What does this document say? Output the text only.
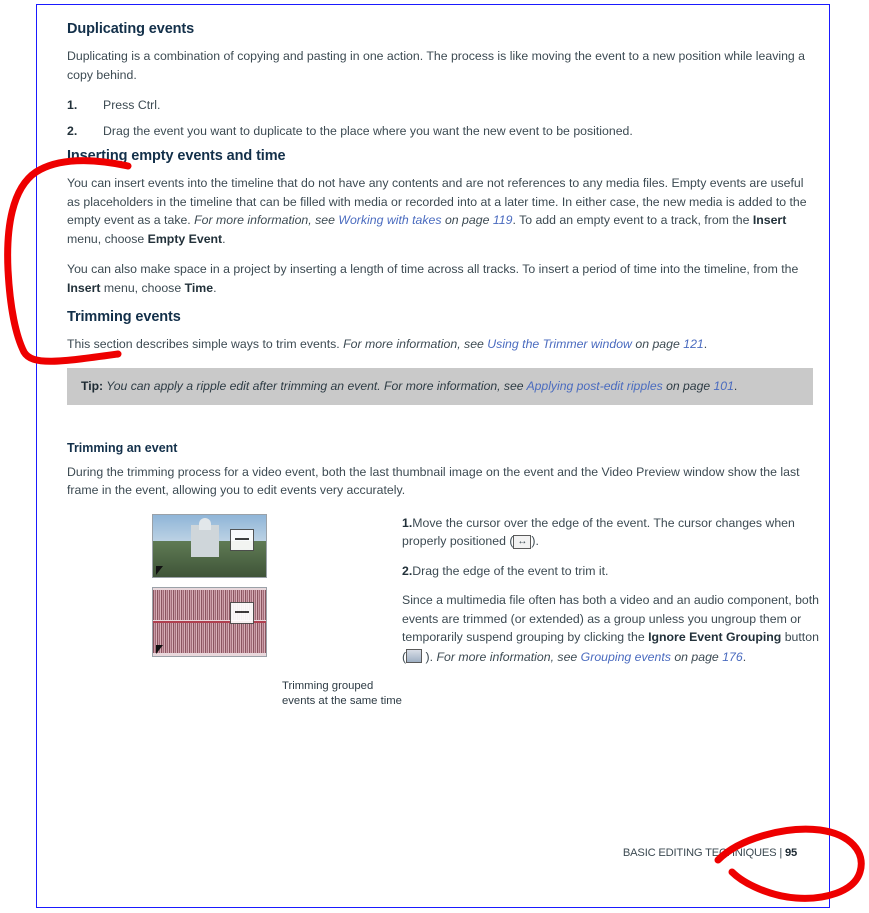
Duplicating events

Duplicating is a combination of copying and pasting in one action. The process is like moving the event to a new position while leaving a copy behind.

1. Press Ctrl.
2. Drag the event you want to duplicate to the place where you want the new event to be positioned.
Inserting empty events and time

You can insert events into the timeline that do not have any contents and are not references to any media files. Empty events are useful as placeholders in the timeline that can be filled with media or recorded into at a later time. In either case, the new media is added to the empty event as a take. For more information, see Working with takes on page 119. To add an empty event to a track, from the Insert menu, choose Empty Event.

You can also make space in a project by inserting a length of time across all tracks. To insert a period of time into the timeline, from the Insert menu, choose Time.

Trimming events

This section describes simple ways to trim events. For more information, see Using the Trimmer window on page 121.

Tip: You can apply a ripple edit after trimming an event. For more information, see Applying post-edit ripples on page 101.
Trimming an event

During the trimming process for a video event, both the last thumbnail image on the event and the Video Preview window show the last frame in the event, allowing you to edit events very accurately.

Trimming grouped events at the same time

1.Move the cursor over the edge of the event. The cursor changes when properly positioned ( ↔ ).

2.Drag the edge of the event to trim it.

Since a multimedia file often has both a video and an audio component, both events are trimmed (or extended) as a group unless you ungroup them or temporarily suspend grouping by clicking the Ignore Event Grouping button ( ). For more information, see Grouping events on page 176.

BASIC EDITING TECHNIQUES | 95
